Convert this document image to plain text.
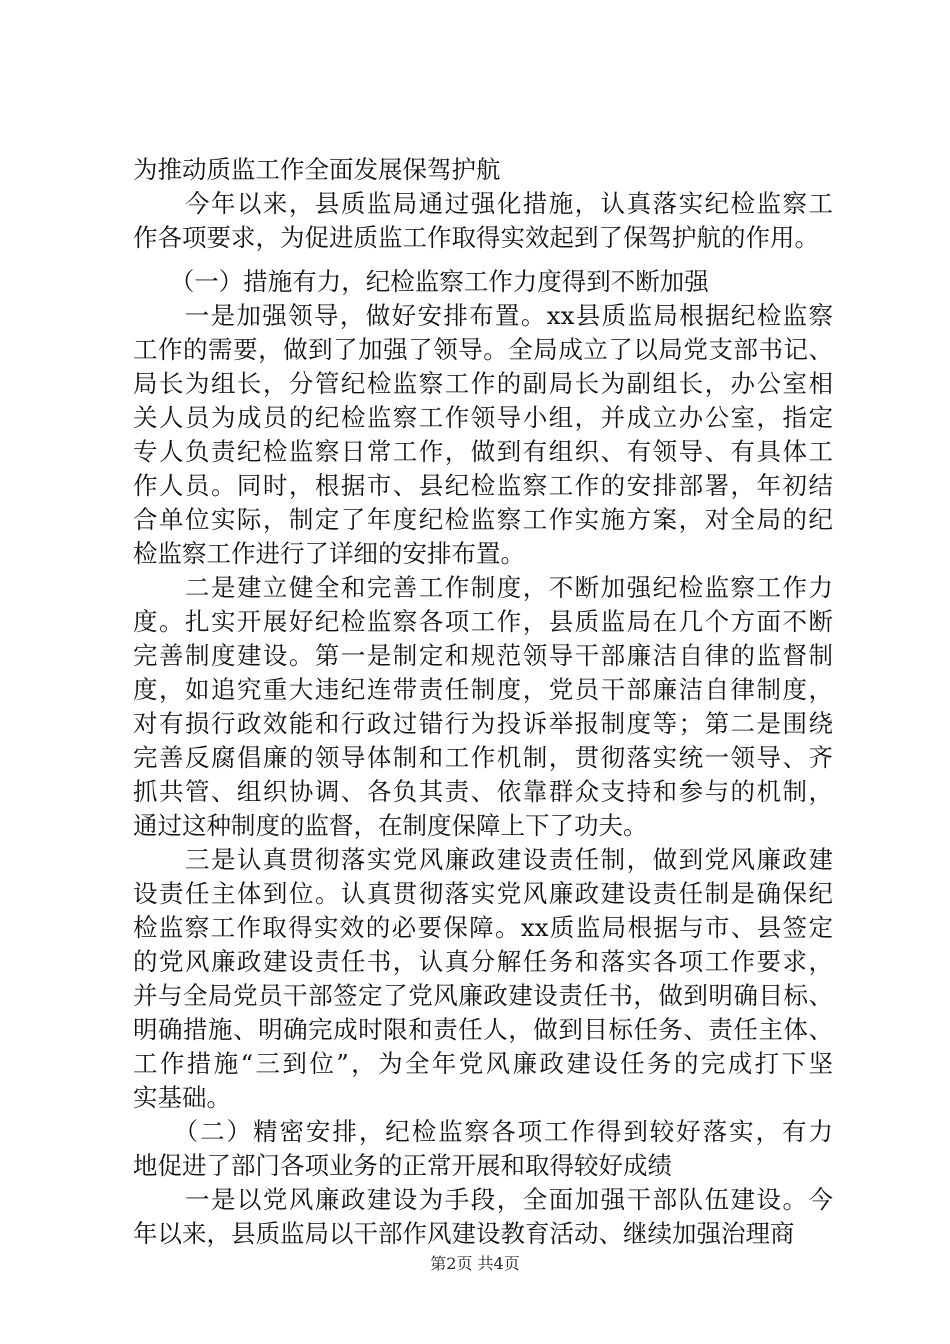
为推动质监工作全面发展保驾护航
　　今年以来，县质监局通过强化措施，认真落实纪检监察工
作各项要求，为促进质监工作取得实效起到了保驾护航的作用。
　　（一）措施有力，纪检监察工作力度得到不断加强
　　一是加强领导，做好安排布置。xx县质监局根据纪检监察
工作的需要，做到了加强了领导。全局成立了以局党支部书记、
局长为组长，分管纪检监察工作的副局长为副组长，办公室相
关人员为成员的纪检监察工作领导小组，并成立办公室，指定
专人负责纪检监察日常工作，做到有组织、有领导、有具体工
作人员。同时，根据市、县纪检监察工作的安排部署，年初结
合单位实际，制定了年度纪检监察工作实施方案，对全局的纪
检监察工作进行了详细的安排布置。
　　二是建立健全和完善工作制度，不断加强纪检监察工作力
度。扎实开展好纪检监察各项工作，县质监局在几个方面不断
完善制度建设。第一是制定和规范领导干部廉洁自律的监督制
度，如追究重大违纪连带责任制度，党员干部廉洁自律制度，
对有损行政效能和行政过错行为投诉举报制度等；第二是围绕
完善反腐倡廉的领导体制和工作机制，贯彻落实统一领导、齐
抓共管、组织协调、各负其责、依靠群众支持和参与的机制，
通过这种制度的监督，在制度保障上下了功夫。
　　三是认真贯彻落实党风廉政建设责任制，做到党风廉政建
设责任主体到位。认真贯彻落实党风廉政建设责任制是确保纪
检监察工作取得实效的必要保障。xx质监局根据与市、县签定
的党风廉政建设责任书，认真分解任务和落实各项工作要求，
并与全局党员干部签定了党风廉政建设责任书，做到明确目标、
明确措施、明确完成时限和责任人，做到目标任务、责任主体、
工作措施“三到位”，为全年党风廉政建设任务的完成打下坚
实基础。
　　（二）精密安排，纪检监察各项工作得到较好落实，有力
地促进了部门各项业务的正常开展和取得较好成绩
　　一是以党风廉政建设为手段，全面加强干部队伍建设。今
年以来，县质监局以干部作风建设教育活动、继续加强治理商
第2页 共4页
